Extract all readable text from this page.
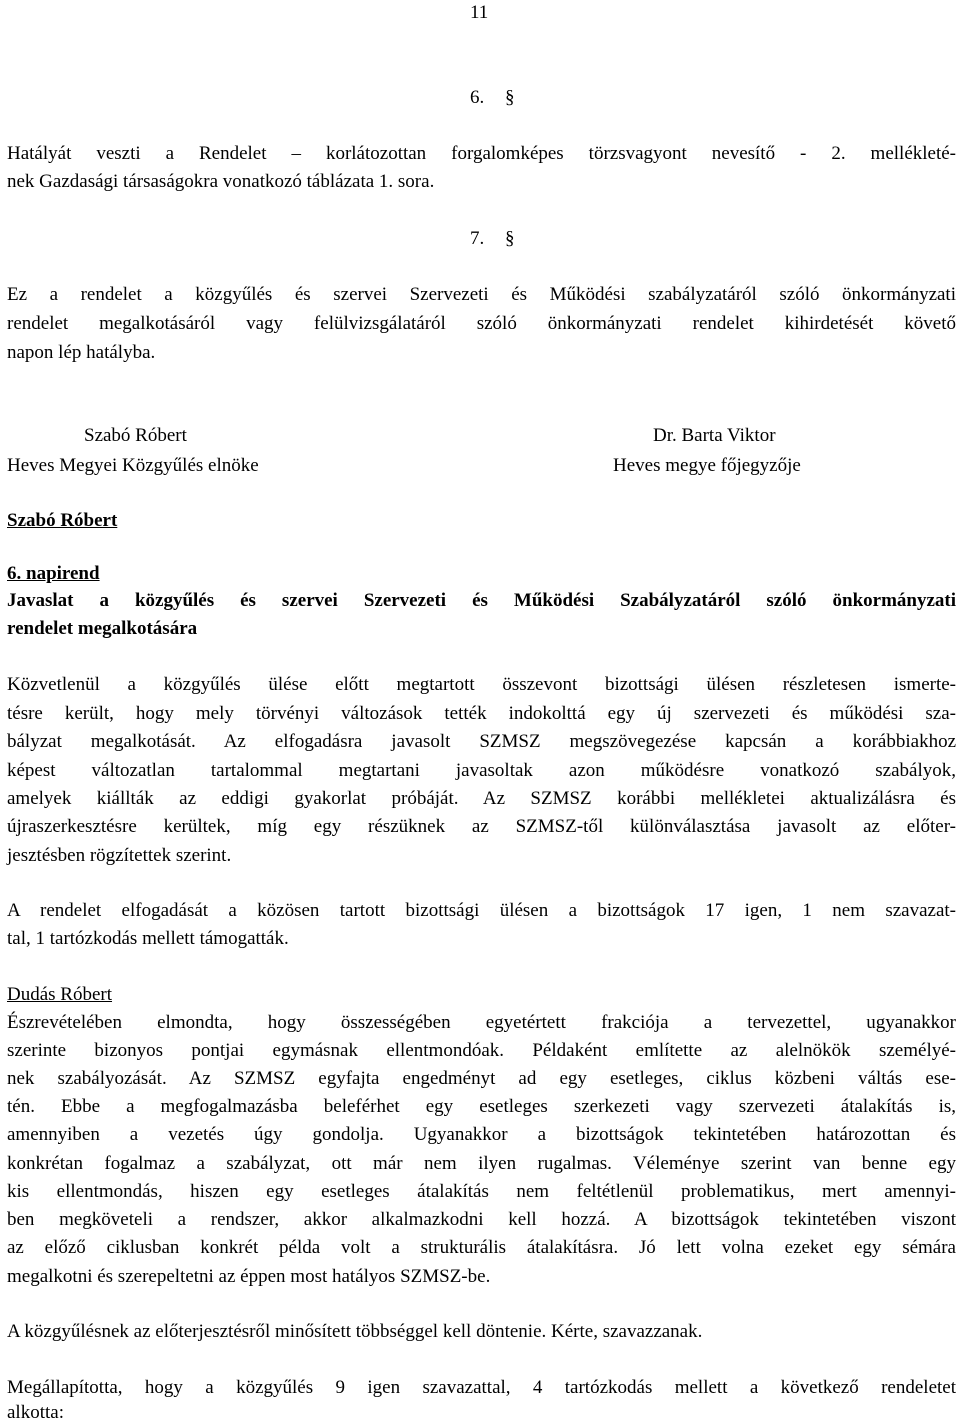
11
6. §
Hatályát veszti a Rendelet – korlátozottan forgalomképes törzsvagyont nevesítő - 2. mellékleté-
nek Gazdasági társaságokra vonatkozó táblázata 1. sora.
7. §
Ez a rendelet a közgyűlés és szervei Szervezeti és Működési szabályzatáról szóló önkormányzati
rendelet megalkotásáról vagy felülvizsgálatáról szóló önkormányzati rendelet kihirdetését követő
napon lép hatályba.
Szabó Róbert
Heves Megyei Közgyűlés elnöke
Dr. Barta Viktor
Heves megye főjegyzője
Szabó Róbert
6. napirend
Javaslat a közgyűlés és szervei Szervezeti és Működési Szabályzatáról szóló önkormányzati
rendelet megalkotására
Közvetlenül a közgyűlés ülése előtt megtartott összevont bizottsági ülésen részletesen ismerte-
tésre került, hogy mely törvényi változások tették indokolttá egy új szervezeti és működési sza-
bályzat megalkotását. Az elfogadásra javasolt SZMSZ megszövegezése kapcsán a korábbiakhoz
képest változatlan tartalommal megtartani javasoltak azon működésre vonatkozó szabályok,
amelyek kiállták az eddigi gyakorlat próbáját. Az SZMSZ korábbi mellékletei aktualizálásra és
újraszerkesztésre kerültek, míg egy részüknek az SZMSZ-től különválasztása javasolt az előter-
jesztésben rögzítettek szerint.
A rendelet elfogadását a közösen tartott bizottsági ülésen a bizottságok 17 igen, 1 nem szavazat-
tal, 1 tartózkodás mellett támogatták.
Dudás Róbert
Észrevételében elmondta, hogy összességében egyetértett frakciója a tervezettel, ugyanakkor
szerinte bizonyos pontjai egymásnak ellentmondóak. Példaként említette az alelnökök személyé-
nek szabályozását. Az SZMSZ egyfajta engedményt ad egy esetleges, ciklus közbeni váltás ese-
tén. Ebbe a megfogalmazásba beleférhet egy esetleges szerkezeti vagy szervezeti átalakítás is,
amennyiben a vezetés úgy gondolja. Ugyanakkor a bizottságok tekintetében határozottan és
konkrétan fogalmaz a szabályzat, ott már nem ilyen rugalmas. Véleménye szerint van benne egy
kis ellentmondás, hiszen egy esetleges átalakítás nem feltétlenül problematikus, mert amennyi-
ben megköveteli a rendszer, akkor alkalmazkodni kell hozzá. A bizottságok tekintetében viszont
az előző ciklusban konkrét példa volt a strukturális átalakításra. Jó lett volna ezeket egy sémára
megalkotni és szerepeltetni az éppen most hatályos SZMSZ-be.
A közgyűlésnek az előterjesztésről minősített többséggel kell döntenie. Kérte, szavazzanak.
Megállapította, hogy a közgyűlés 9 igen szavazattal, 4 tartózkodás mellett a következő rendeletet
alkotta:
